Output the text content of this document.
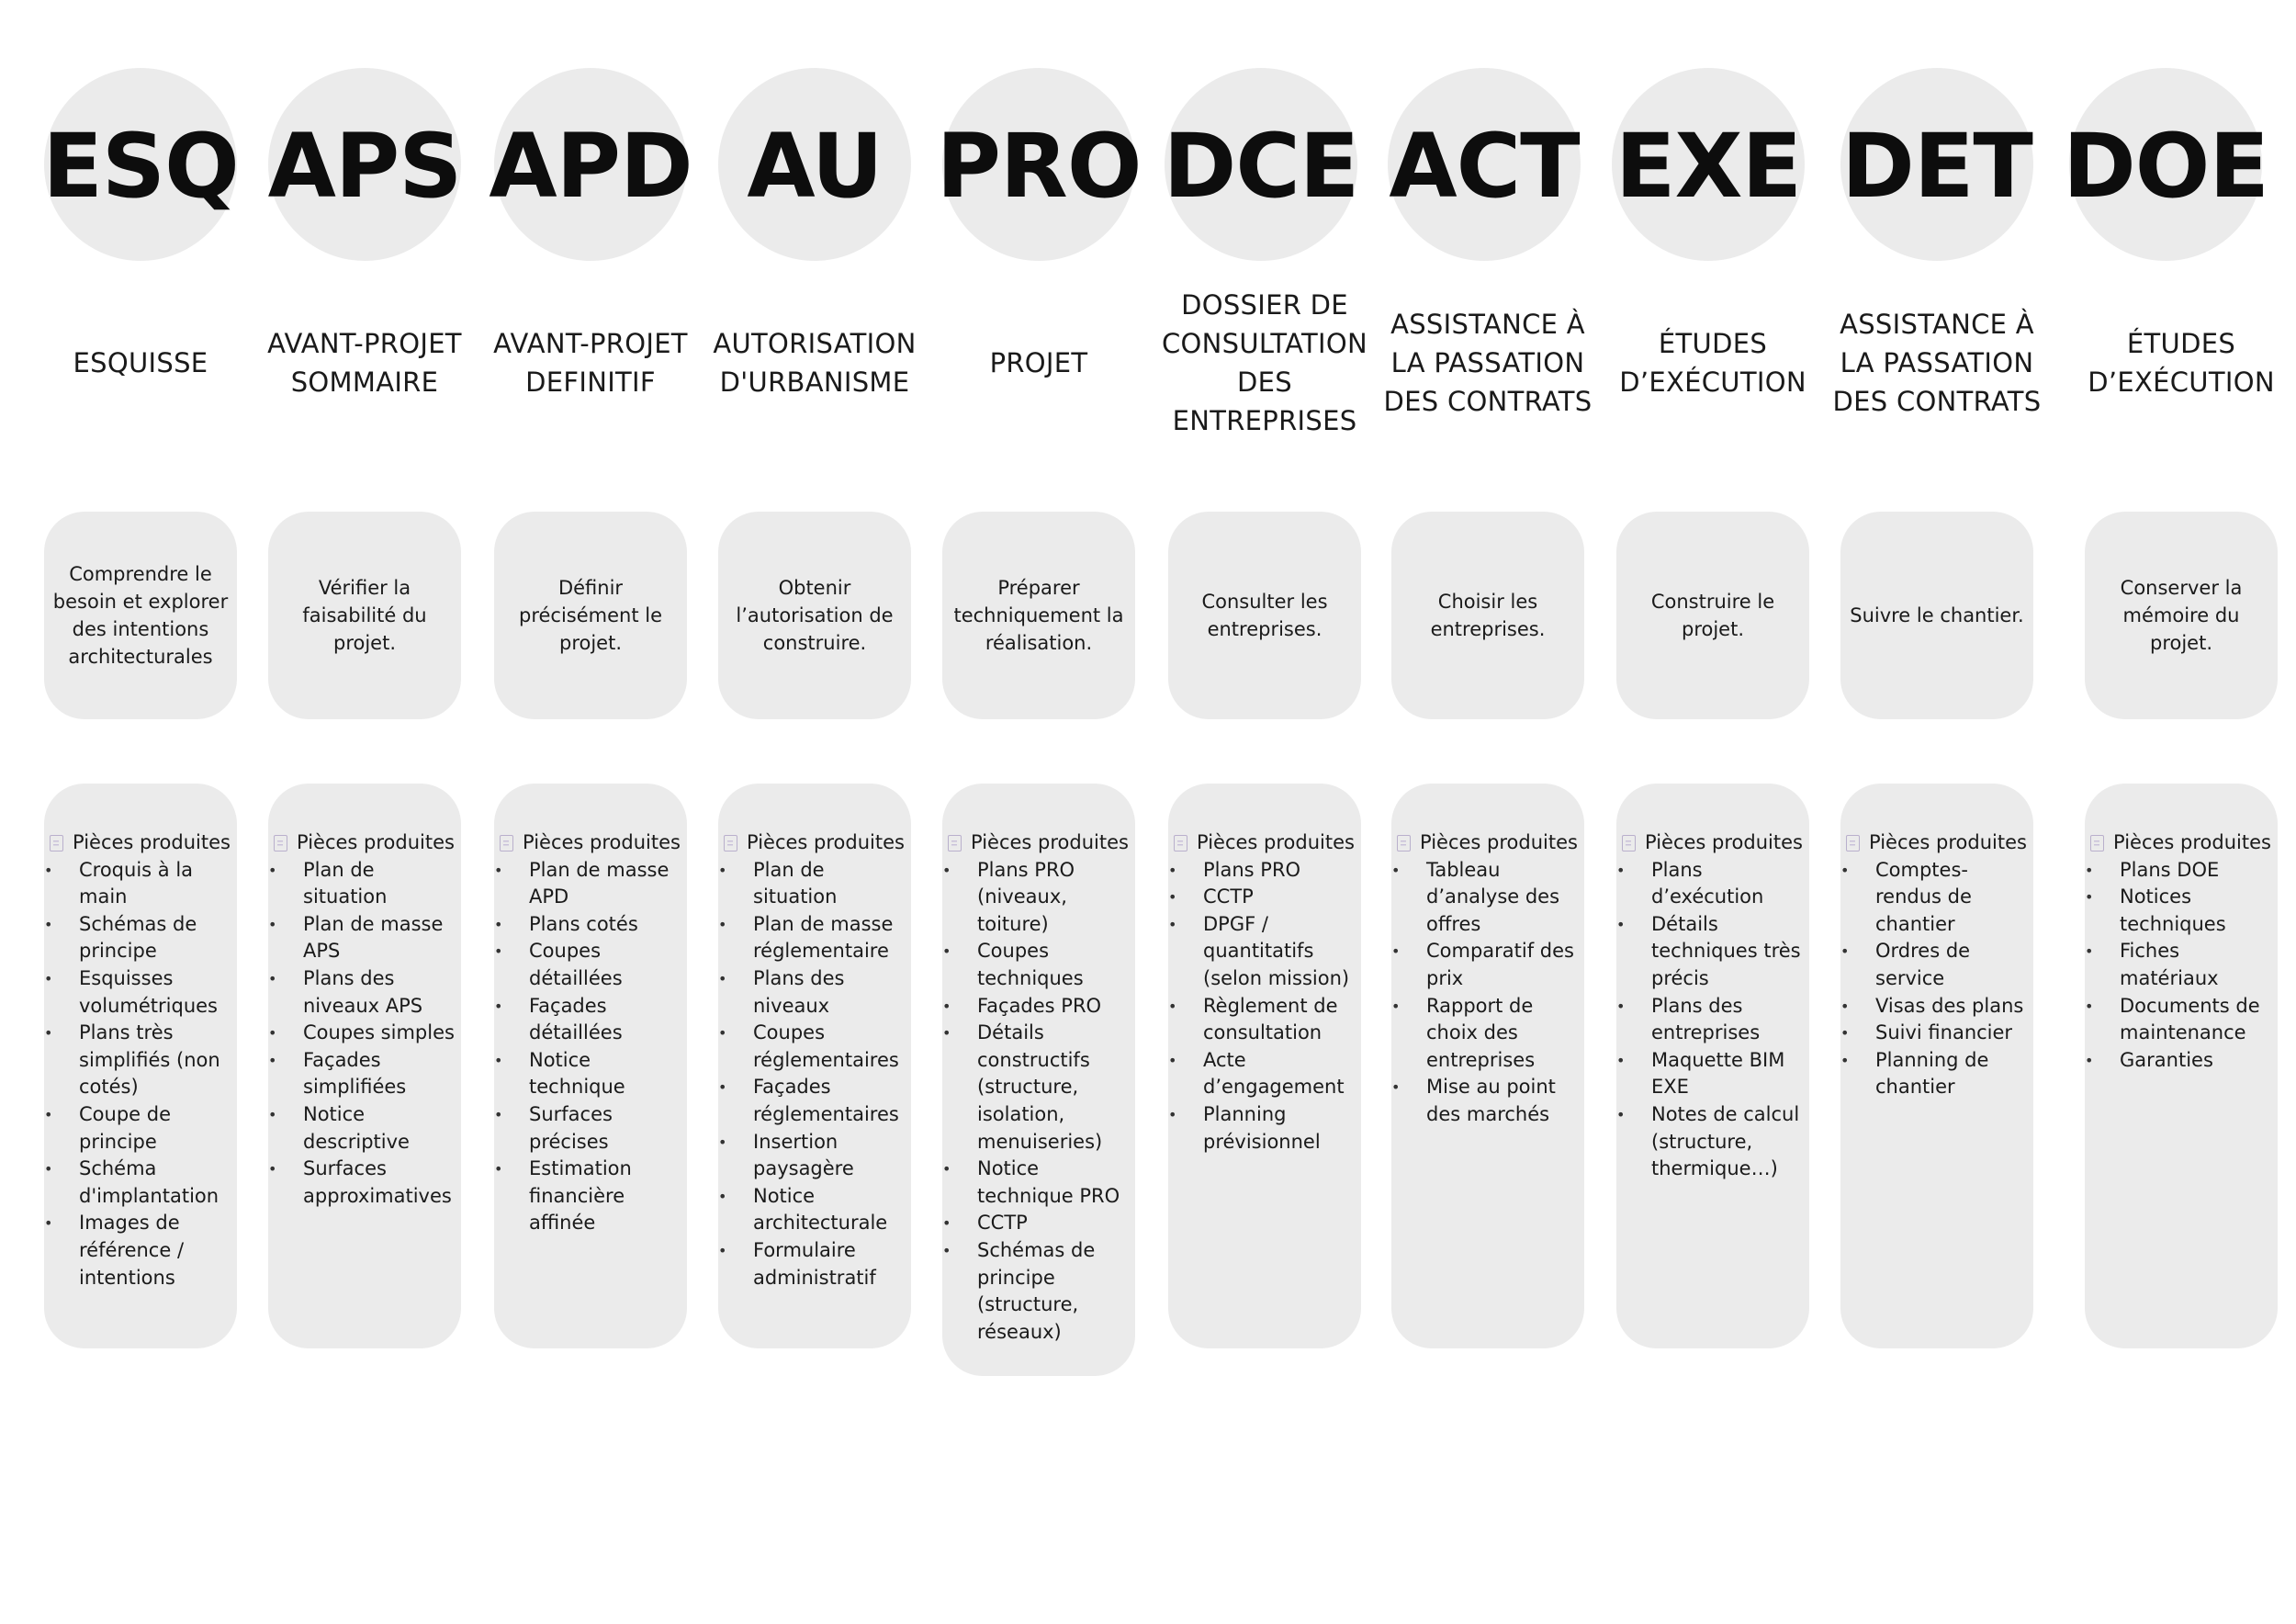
ESQ
ESQUISSE
Comprendre le besoin et explorer des intentions architecturales
Pièces produites
• Croquis à la main
• Schémas de principe
• Esquisses volumétriques
• Plans très simplifiés (non cotés)
• Coupe de principe
• Schéma d'implantation
• Images de référence / intentions
APS
AVANT-PROJET SOMMAIRE
Vérifier la faisabilité du projet.
Pièces produites
• Plan de situation
• Plan de masse APS
• Plans des niveaux APS
• Coupes simples
• Façades simplifiées
• Notice descriptive
• Surfaces approximatives
APD
AVANT-PROJET DEFINITIF
Définir précisément le projet.
Pièces produites
• Plan de masse APD
• Plans cotés
• Coupes détaillées
• Façades détaillées
• Notice technique
• Surfaces précises
• Estimation financière affinée
AU
AUTORISATION D'URBANISME
Obtenir l’autorisation de construire.
Pièces produites
• Plan de situation
• Plan de masse réglementaire
• Plans des niveaux
• Coupes réglementaires
• Façades réglementaires
• Insertion paysagère
• Notice architecturale
• Formulaire administratif
PRO
PROJET
Préparer techniquement la réalisation.
Pièces produites
• Plans PRO (niveaux, toiture)
• Coupes techniques
• Façades PRO
• Détails constructifs (structure, isolation, menuiseries)
• Notice technique PRO
• CCTP
• Schémas de principe (structure, réseaux)
DCE
DOSSIER DE CONSULTATION DES ENTREPRISES
Consulter les entreprises.
Pièces produites
• Plans PRO
• CCTP
• DPGF / quantitatifs (selon mission)
• Règlement de consultation
• Acte d’engagement
• Planning prévisionnel
ACT
ASSISTANCE À LA PASSATION DES CONTRATS
Choisir les entreprises.
Pièces produites
• Tableau d’analyse des offres
• Comparatif des prix
• Rapport de choix des entreprises
• Mise au point des marchés
EXE
ÉTUDES D’EXÉCUTION
Construire le projet.
Pièces produites
• Plans d’exécution
• Détails techniques très précis
• Plans des entreprises
• Maquette BIM EXE
• Notes de calcul (structure, thermique…)
DET
ASSISTANCE À LA PASSATION DES CONTRATS
Suivre le chantier.
Pièces produites
• Comptes-rendus de chantier
• Ordres de service
• Visas des plans
• Suivi financier
• Planning de chantier
DOE
ÉTUDES D’EXÉCUTION
Conserver la mémoire du projet.
Pièces produites
• Plans DOE
• Notices techniques
• Fiches matériaux
• Documents de maintenance
• Garanties
